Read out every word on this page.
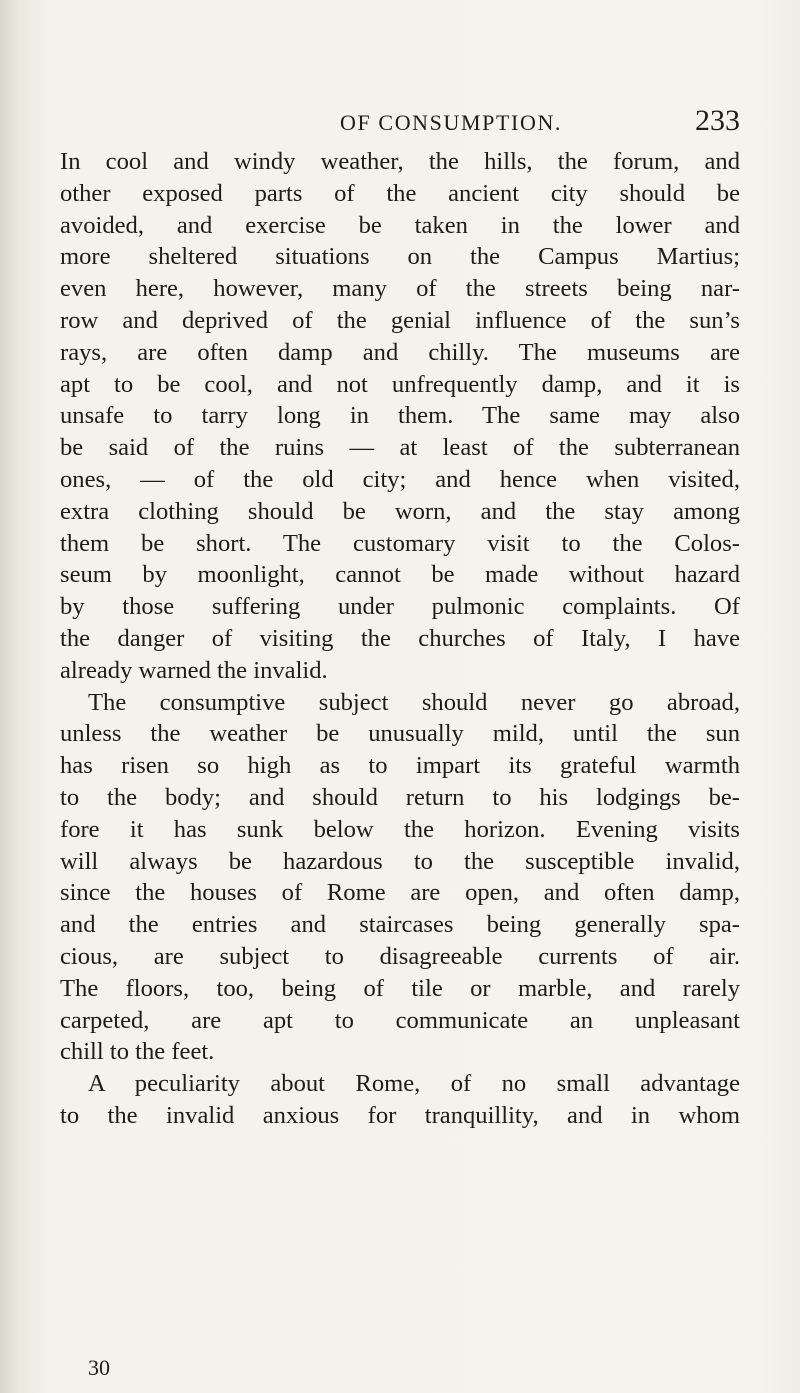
OF CONSUMPTION.	233
In cool and windy weather, the hills, the forum, and
other exposed parts of the ancient city should be
avoided, and exercise be taken in the lower and
more sheltered situations on the Campus Martius;
even here, however, many of the streets being nar-
row and deprived of the genial influence of the sun’s
rays, are often damp and chilly. The museums are
apt to be cool, and not unfrequently damp, and it is
unsafe to tarry long in them. The same may also
be said of the ruins — at least of the subterranean
ones, — of the old city; and hence when visited,
extra clothing should be worn, and the stay among
them be short. The customary visit to the Colos-
seum by moonlight, cannot be made without hazard
by those suffering under pulmonic complaints. Of
the danger of visiting the churches of Italy, I have
already warned the invalid.
The consumptive subject should never go abroad,
unless the weather be unusually mild, until the sun
has risen so high as to impart its grateful warmth
to the body; and should return to his lodgings be-
fore it has sunk below the horizon. Evening visits
will always be hazardous to the susceptible invalid,
since the houses of Rome are open, and often damp,
and the entries and staircases being generally spa-
cious, are subject to disagreeable currents of air.
The floors, too, being of tile or marble, and rarely
carpeted, are apt to communicate an unpleasant
chill to the feet.
A peculiarity about Rome, of no small advantage
to the invalid anxious for tranquillity, and in whom
30
